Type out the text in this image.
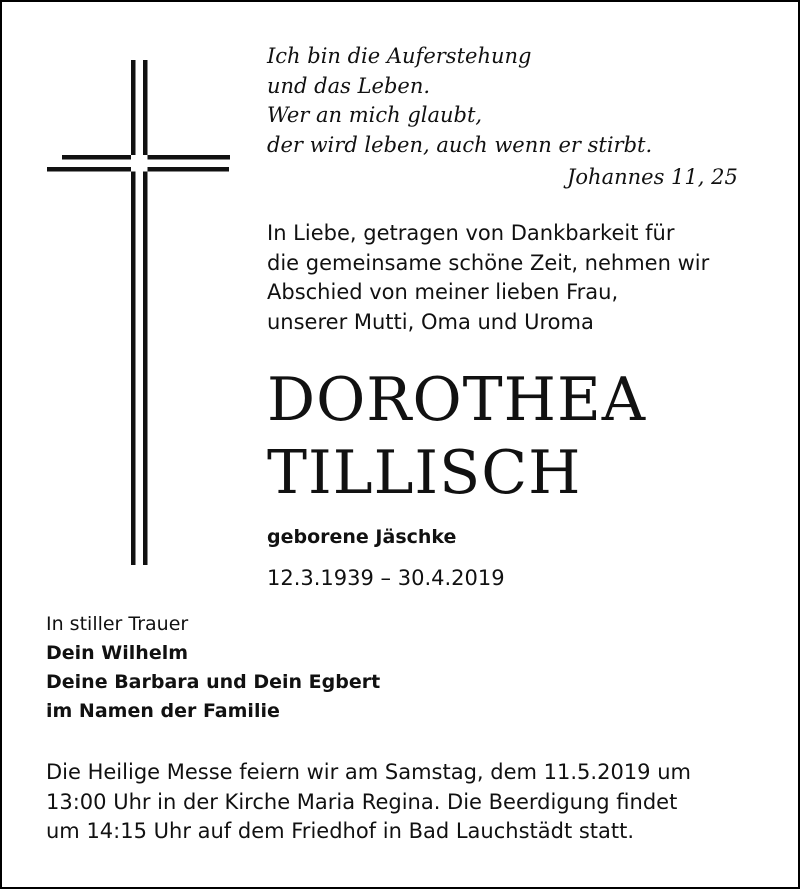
Ich bin die Auferstehung
und das Leben.
Wer an mich glaubt,
der wird leben, auch wenn er stirbt.
Johannes 11, 25
In Liebe, getragen von Dankbarkeit für
die gemeinsame schöne Zeit, nehmen wir
Abschied von meiner lieben Frau,
unserer Mutti, Oma und Uroma
DOROTHEA
TILLISCH
geborene Jäschke
12.3.1939 – 30.4.2019
In stiller Trauer
Dein Wilhelm
Deine Barbara und Dein Egbert
im Namen der Familie
Die Heilige Messe feiern wir am Samstag, dem 11.5.2019 um
13:00 Uhr in der Kirche Maria Regina. Die Beerdigung findet
um 14:15 Uhr auf dem Friedhof in Bad Lauchstädt statt.
